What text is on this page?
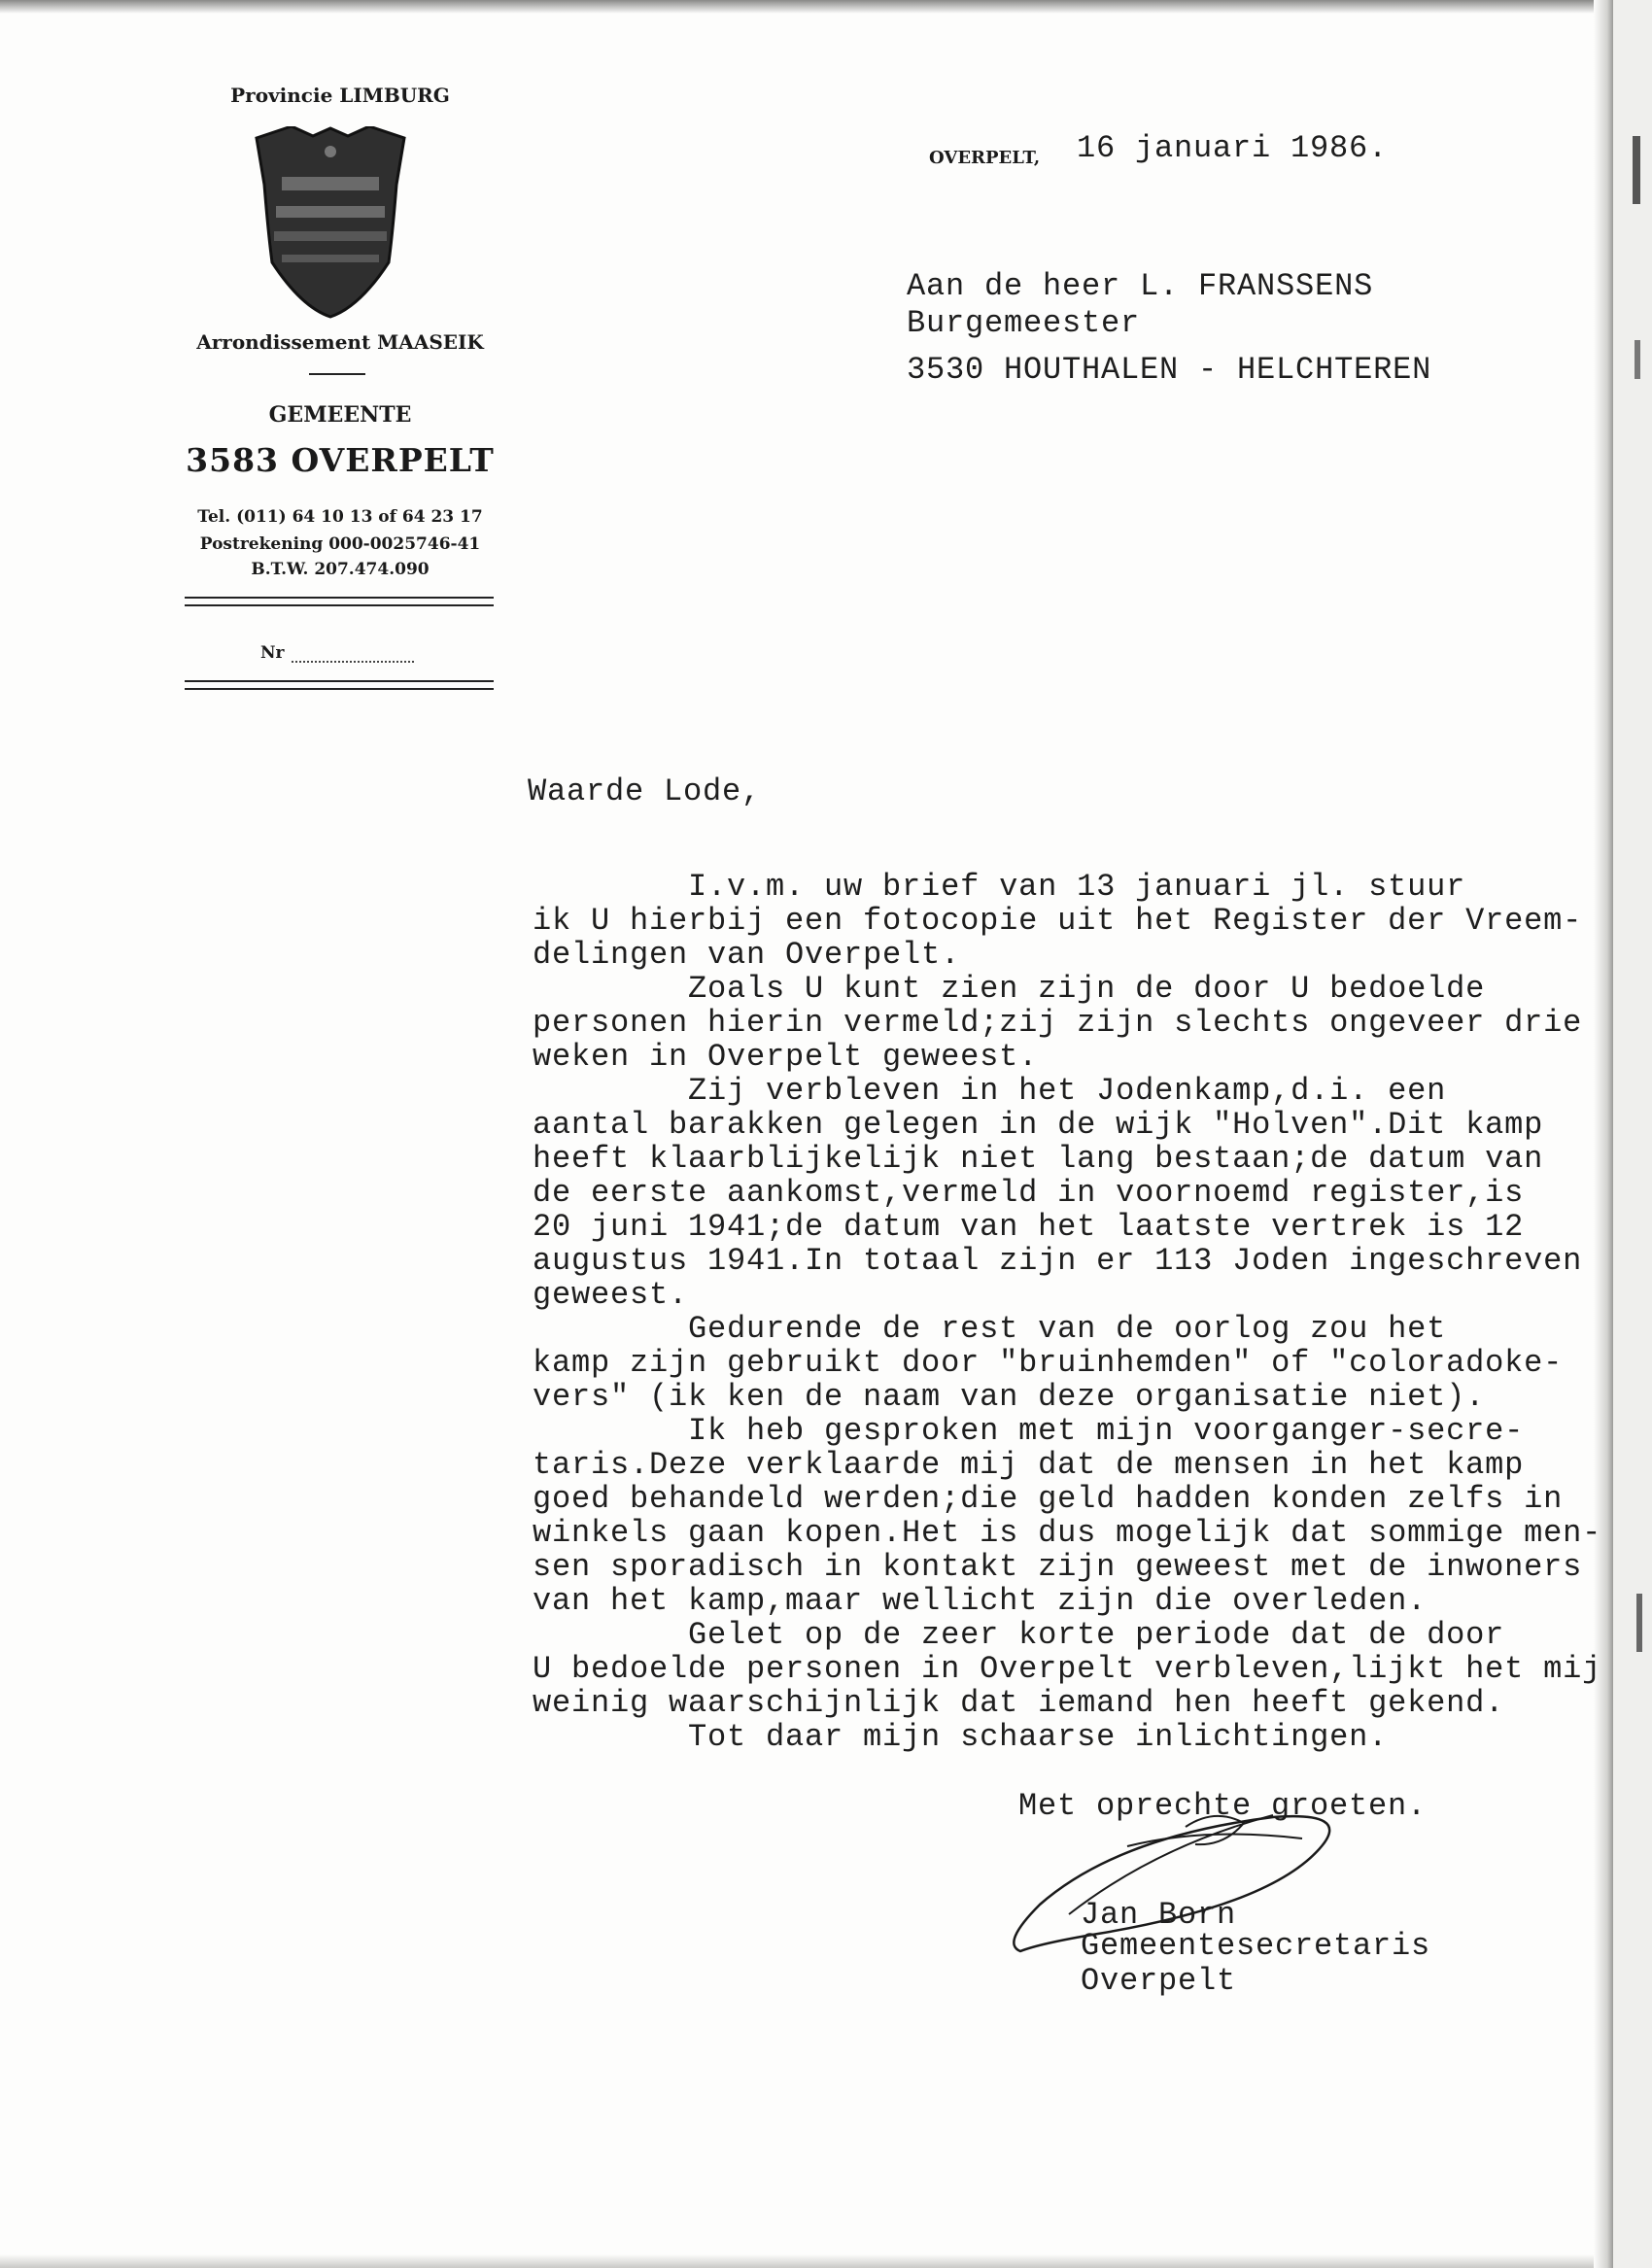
Provincie LIMBURG
Arrondissement MAASEIK
GEMEENTE
3583 OVERPELT
Tel. (011) 64 10 13 of 64 23 17
Postrekening 000-0025746-41
B.T.W. 207.474.090
Nr
OVERPELT,	16 januari 1986.
Aan de heer L. FRANSSENS
Burgemeester
3530 HOUTHALEN - HELCHTEREN
Waarde Lode,
I.v.m. uw brief van 13 januari jl. stuur
ik U hierbij een fotocopie uit het Register der Vreem-
delingen van Overpelt.
Zoals U kunt zien zijn de door U bedoelde
personen hierin vermeld;zij zijn slechts ongeveer drie
weken in Overpelt geweest.
Zij verbleven in het Jodenkamp,d.i. een
aantal barakken gelegen in de wijk "Holven".Dit kamp
heeft klaarblijkelijk niet lang bestaan;de datum van
de eerste aankomst,vermeld in voornoemd register,is
20 juni 1941;de datum van het laatste vertrek is 12
augustus 1941.In totaal zijn er 113 Joden ingeschreven
geweest.
Gedurende de rest van de oorlog zou het
kamp zijn gebruikt door "bruinhemden" of "coloradoke-
vers" (ik ken de naam van deze organisatie niet).
Ik heb gesproken met mijn voorganger-secre-
taris.Deze verklaarde mij dat de mensen in het kamp
goed behandeld werden;die geld hadden konden zelfs in
winkels gaan kopen.Het is dus mogelijk dat sommige men-
sen sporadisch in kontakt zijn geweest met de inwoners
van het kamp,maar wellicht zijn die overleden.
Gelet op de zeer korte periode dat de door
U bedoelde personen in Overpelt verbleven,lijkt het mij
weinig waarschijnlijk dat iemand hen heeft gekend.
Tot daar mijn schaarse inlichtingen.
Met oprechte groeten.
Jan Born
Gemeentesecretaris
Overpelt
